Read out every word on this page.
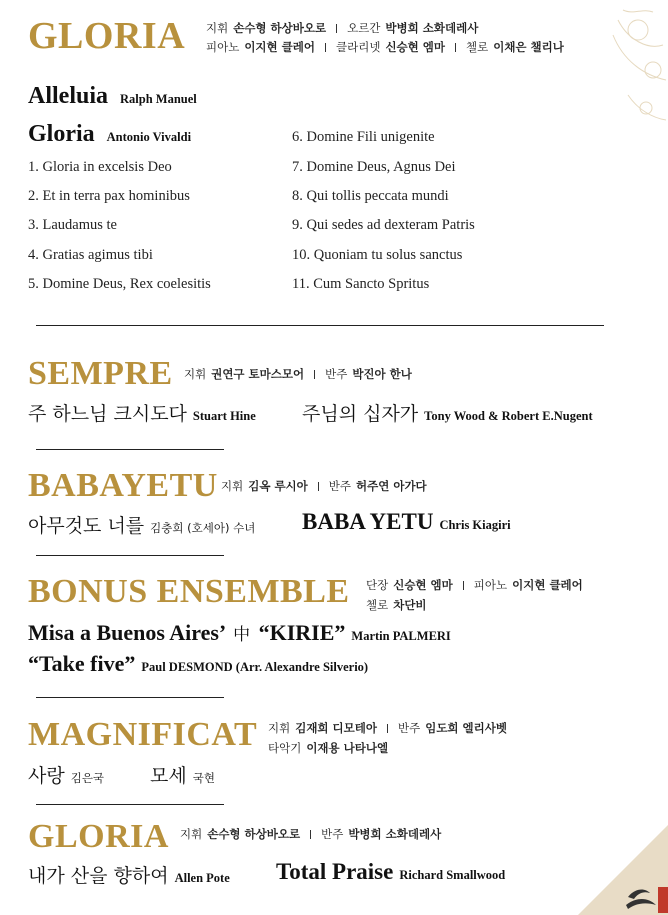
GLORIA 지휘 손수형 하상바오로 오르간 박병희 소화데레사
피아노 이지현 클레어 클라리넷 신승현 엠마 첼로 이채은 챌리나
Alleluia Ralph Manuel
Gloria Antonio Vivaldi
1. Gloria in excelsis Deo
2. Et in terra pax hominibus
3. Laudamus te
4. Gratias agimus tibi
5. Domine Deus, Rex coelesitis
6. Domine Fili unigenite
7. Domine Deus, Agnus Dei
8. Qui tollis peccata mundi
9. Qui sedes ad dexteram Patris
10. Quoniam tu solus sanctus
11. Cum Sancto Spritus
SEMPRE 지휘 권연구 토마스모어 반주 박진아 한나
주 하느님 크시도다 Stuart Hine 주님의 십자가 Tony Wood & Robert E.Nugent
BABAYETU 지휘 김옥 루시아 반주 허주연 아가다
아무것도 너를 김충희 (호세아) 수녀 BABA YETU Chris Kiagiri
BONUS ENSEMBLE 단장 신승현 엠마 피아노 이지현 클레어
첼로 차단비
Misa a Buenos Aires’ 中 “KIRIE” Martin PALMERI
“Take five” Paul DESMOND (Arr. Alexandre Silverio)
MAGNIFICAT 지휘 김재희 디모테아 반주 임도희 엘리사벳
타악기 이재용 나타나엘
사랑 김은국 모세 국현
GLORIA 지휘 손수형 하상바오로 반주 박병희 소화데레사
내가 산을 향하여 Allen Pote Total Praise Richard Smallwood
